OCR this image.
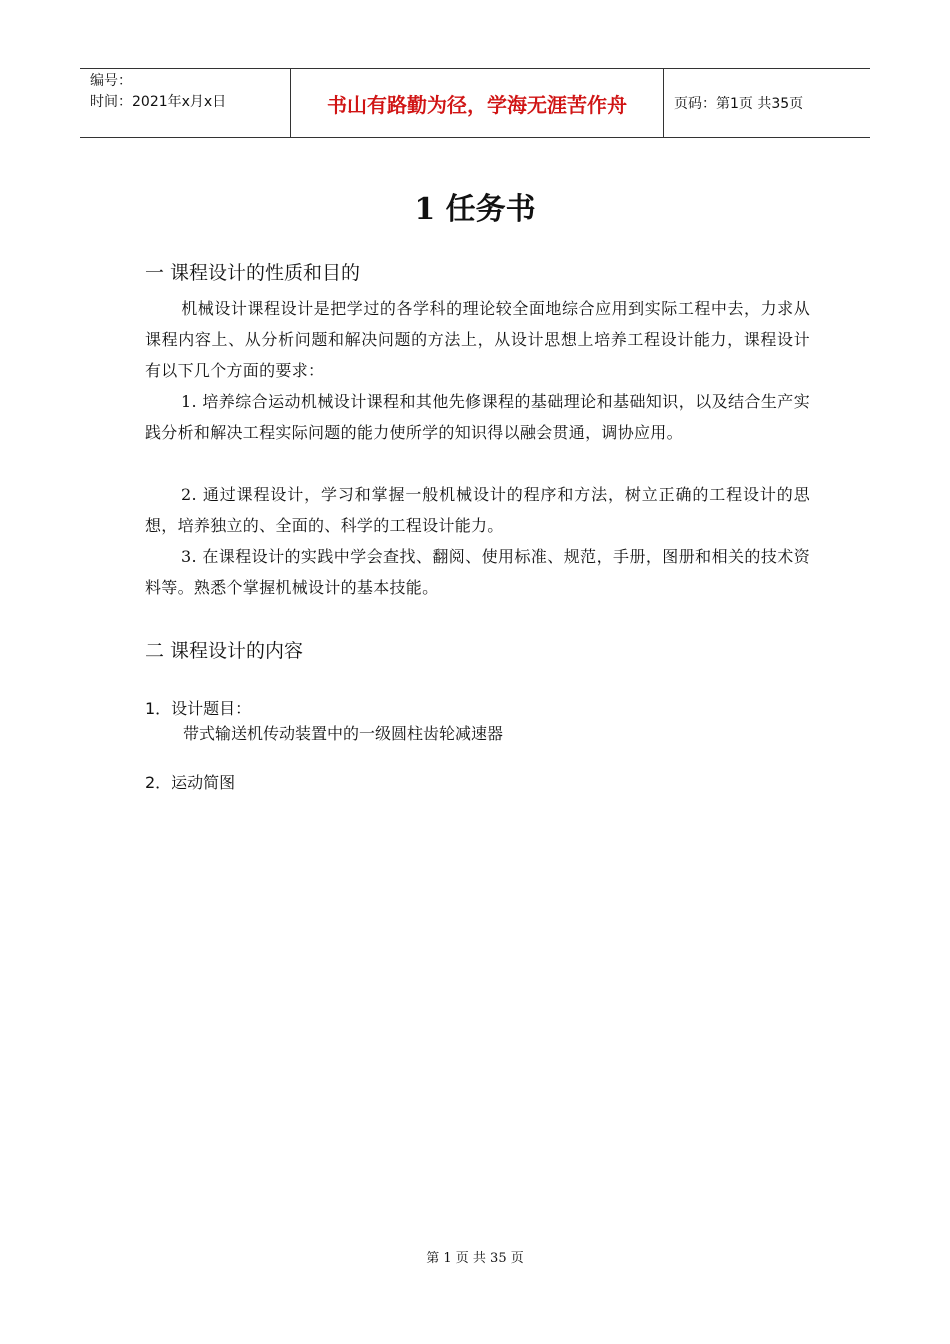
编号：
时间：2021年x月x日	书山有路勤为径，学海无涯苦作舟	页码：第1页 共35页
1 任务书
一 课程设计的性质和目的

机械设计课程设计是把学过的各学科的理论较全面地综合应用到实际工程中去，力求从课程内容上、从分析问题和解决问题的方法上，从设计思想上培养工程设计能力，课程设计有以下几个方面的要求：

1. 培养综合运动机械设计课程和其他先修课程的基础理论和基础知识，以及结合生产实践分析和解决工程实际问题的能力使所学的知识得以融会贯通，调协应用。

2. 通过课程设计，学习和掌握一般机械设计的程序和方法，树立正确的工程设计的思想，培养独立的、全面的、科学的工程设计能力。

3. 在课程设计的实践中学会查找、翻阅、使用标准、规范，手册，图册和相关的技术资料等。熟悉个掌握机械设计的基本技能。

二 课程设计的内容

1．设计题目：

带式输送机传动装置中的一级圆柱齿轮减速器

2．运动简图

第 1 页 共 35 页
